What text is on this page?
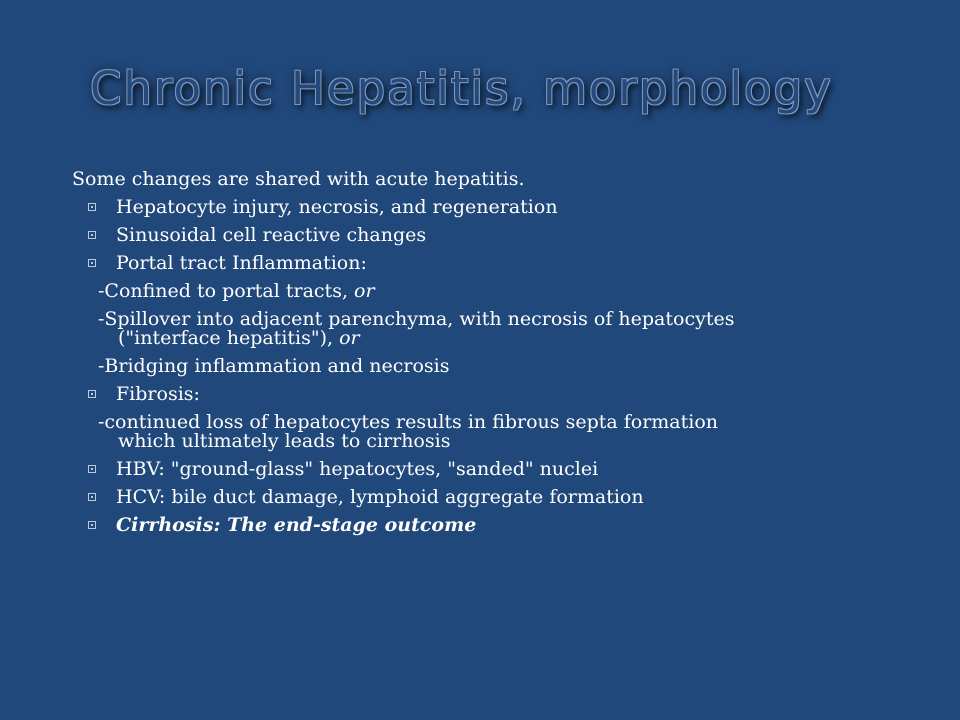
Chronic Hepatitis, morphology
Some changes are shared with acute hepatitis.
Hepatocyte injury, necrosis, and regeneration
Sinusoidal cell reactive changes
Portal tract Inflammation:
-Confined to portal tracts, or
-Spillover into adjacent parenchyma, with necrosis of hepatocytes
("interface hepatitis"), or
-Bridging inflammation and necrosis
Fibrosis:
-continued loss of hepatocytes results in fibrous septa formation
which ultimately leads to cirrhosis
HBV: "ground-glass" hepatocytes, "sanded" nuclei
HCV: bile duct damage, lymphoid aggregate formation
Cirrhosis: The end-stage outcome
